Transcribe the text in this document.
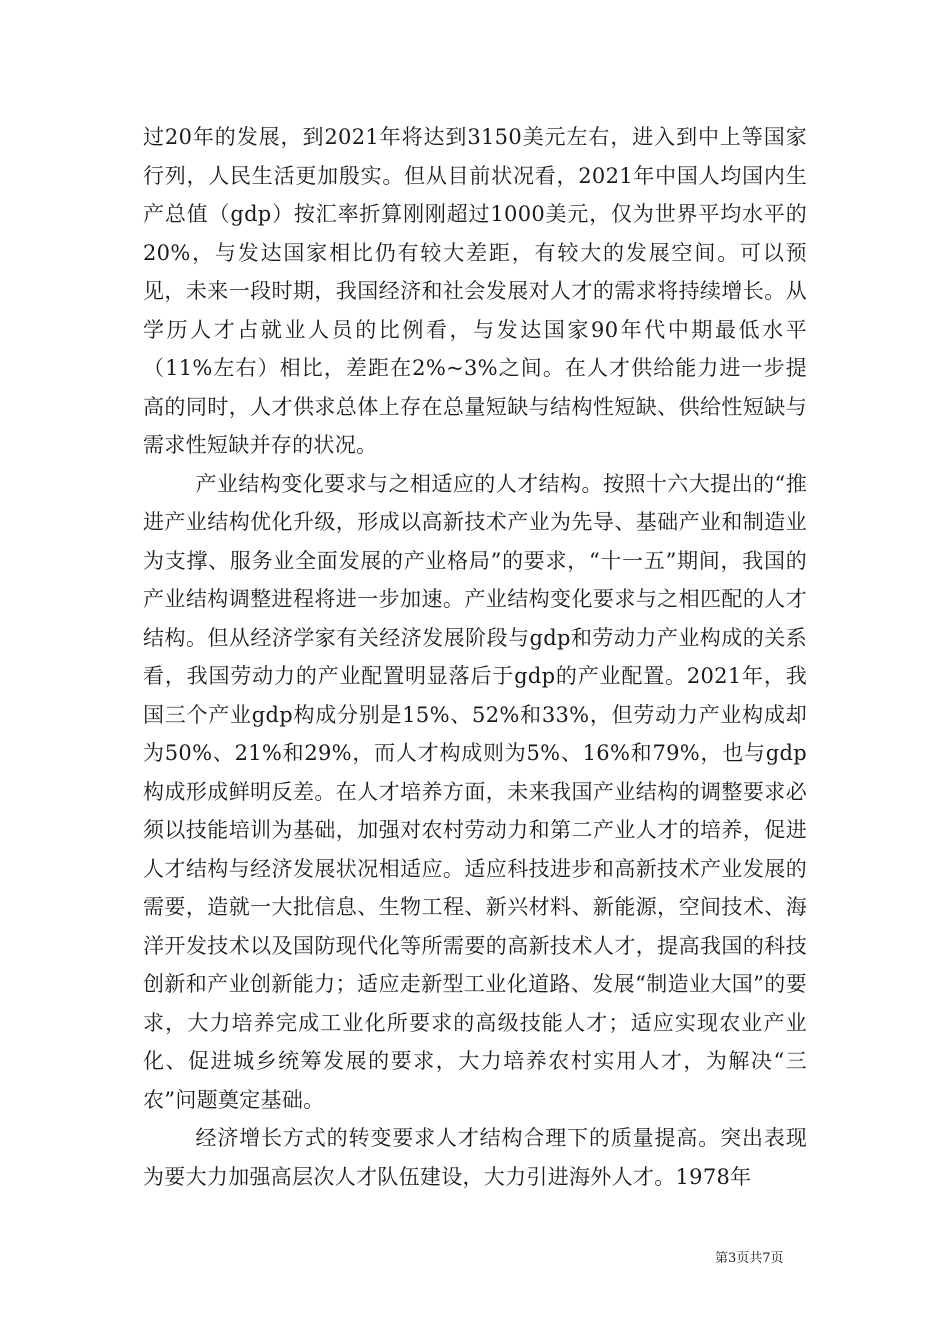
过20年的发展，到2021年将达到3150美元左右，进入到中上等国家行列，人民生活更加殷实。但从目前状况看，2021年中国人均国内生产总值（gdp）按汇率折算刚刚超过1000美元，仅为世界平均水平的20%，与发达国家相比仍有较大差距，有较大的发展空间。可以预见，未来一段时期，我国经济和社会发展对人才的需求将持续增长。从学历人才占就业人员的比例看，与发达国家90年代中期最低水平（11%左右）相比，差距在2%~3%之间。在人才供给能力进一步提高的同时，人才供求总体上存在总量短缺与结构性短缺、供给性短缺与需求性短缺并存的状况。

产业结构变化要求与之相适应的人才结构。按照十六大提出的“推进产业结构优化升级，形成以高新技术产业为先导、基础产业和制造业为支撑、服务业全面发展的产业格局”的要求，“十一五”期间，我国的产业结构调整进程将进一步加速。产业结构变化要求与之相匹配的人才结构。但从经济学家有关经济发展阶段与gdp和劳动力产业构成的关系看，我国劳动力的产业配置明显落后于gdp的产业配置。2021年，我国三个产业gdp构成分别是15%、52%和33%，但劳动力产业构成却为50%、21%和29%，而人才构成则为5%、16%和79%，也与gdp构成形成鲜明反差。在人才培养方面，未来我国产业结构的调整要求必须以技能培训为基础，加强对农村劳动力和第二产业人才的培养，促进人才结构与经济发展状况相适应。适应科技进步和高新技术产业发展的需要，造就一大批信息、生物工程、新兴材料、新能源，空间技术、海洋开发技术以及国防现代化等所需要的高新技术人才，提高我国的科技创新和产业创新能力；适应走新型工业化道路、发展“制造业大国”的要求，大力培养完成工业化所要求的高级技能人才；适应实现农业产业化、促进城乡统筹发展的要求，大力培养农村实用人才，为解决“三农”问题奠定基础。

经济增长方式的转变要求人才结构合理下的质量提高。突出表现为要大力加强高层次人才队伍建设，大力引进海外人才。1978年

第3页共7页
